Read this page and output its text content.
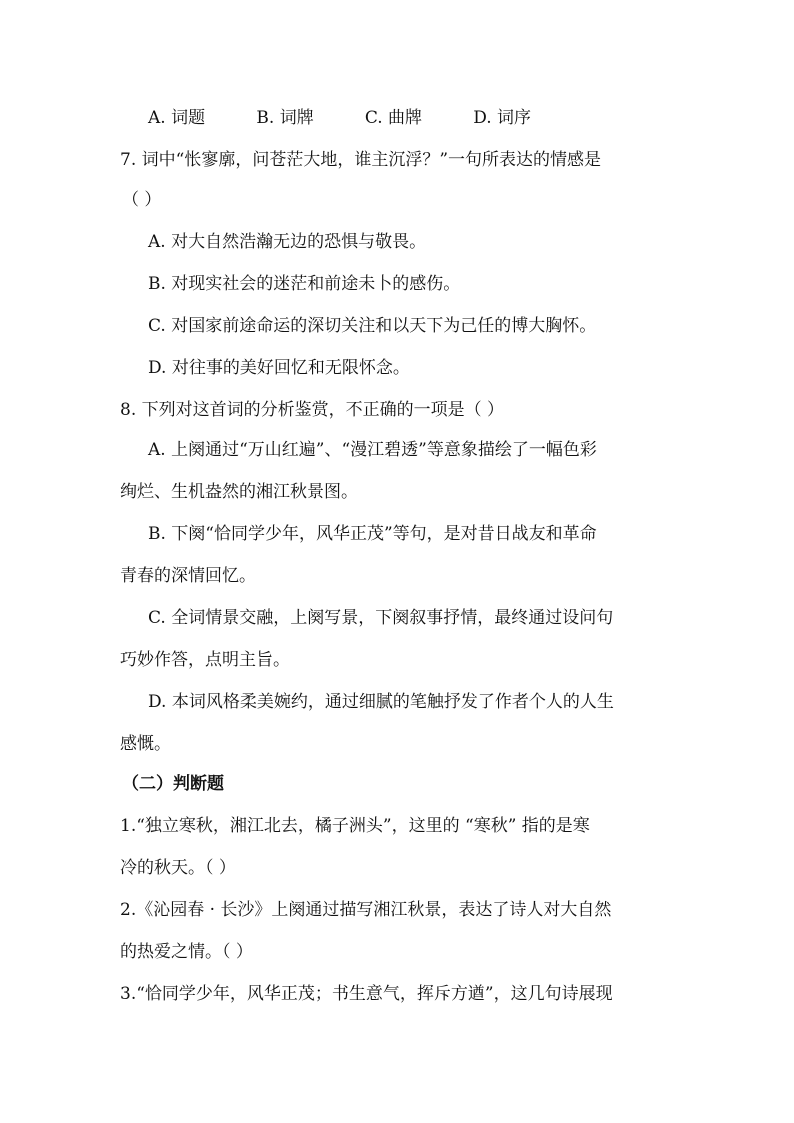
A. 词题	B. 词牌	C. 曲牌	D. 词序
7. 词中“怅寥廓，问苍茫大地，谁主沉浮？”一句所表达的情感是
（ ）
A. 对大自然浩瀚无边的恐惧与敬畏。
B. 对现实社会的迷茫和前途未卜的感伤。
C. 对国家前途命运的深切关注和以天下为己任的博大胸怀。
D. 对往事的美好回忆和无限怀念。
8. 下列对这首词的分析鉴赏，不正确的一项是（ ）
A. 上阕通过“万山红遍”、“漫江碧透”等意象描绘了一幅色彩
绚烂、生机盎然的湘江秋景图。
B. 下阕“恰同学少年，风华正茂”等句，是对昔日战友和革命
青春的深情回忆。
C. 全词情景交融，上阕写景，下阕叙事抒情，最终通过设问句
巧妙作答，点明主旨。
D. 本词风格柔美婉约，通过细腻的笔触抒发了作者个人的人生
感慨。
（二）判断题
1.“独立寒秋，湘江北去，橘子洲头”，这里的 “寒秋” 指的是寒
冷的秋天。（ ）
2.《沁园春 · 长沙》上阕通过描写湘江秋景，表达了诗人对大自然
的热爱之情。（ ）
3.“恰同学少年，风华正茂；书生意气，挥斥方遒”，这几句诗展现
